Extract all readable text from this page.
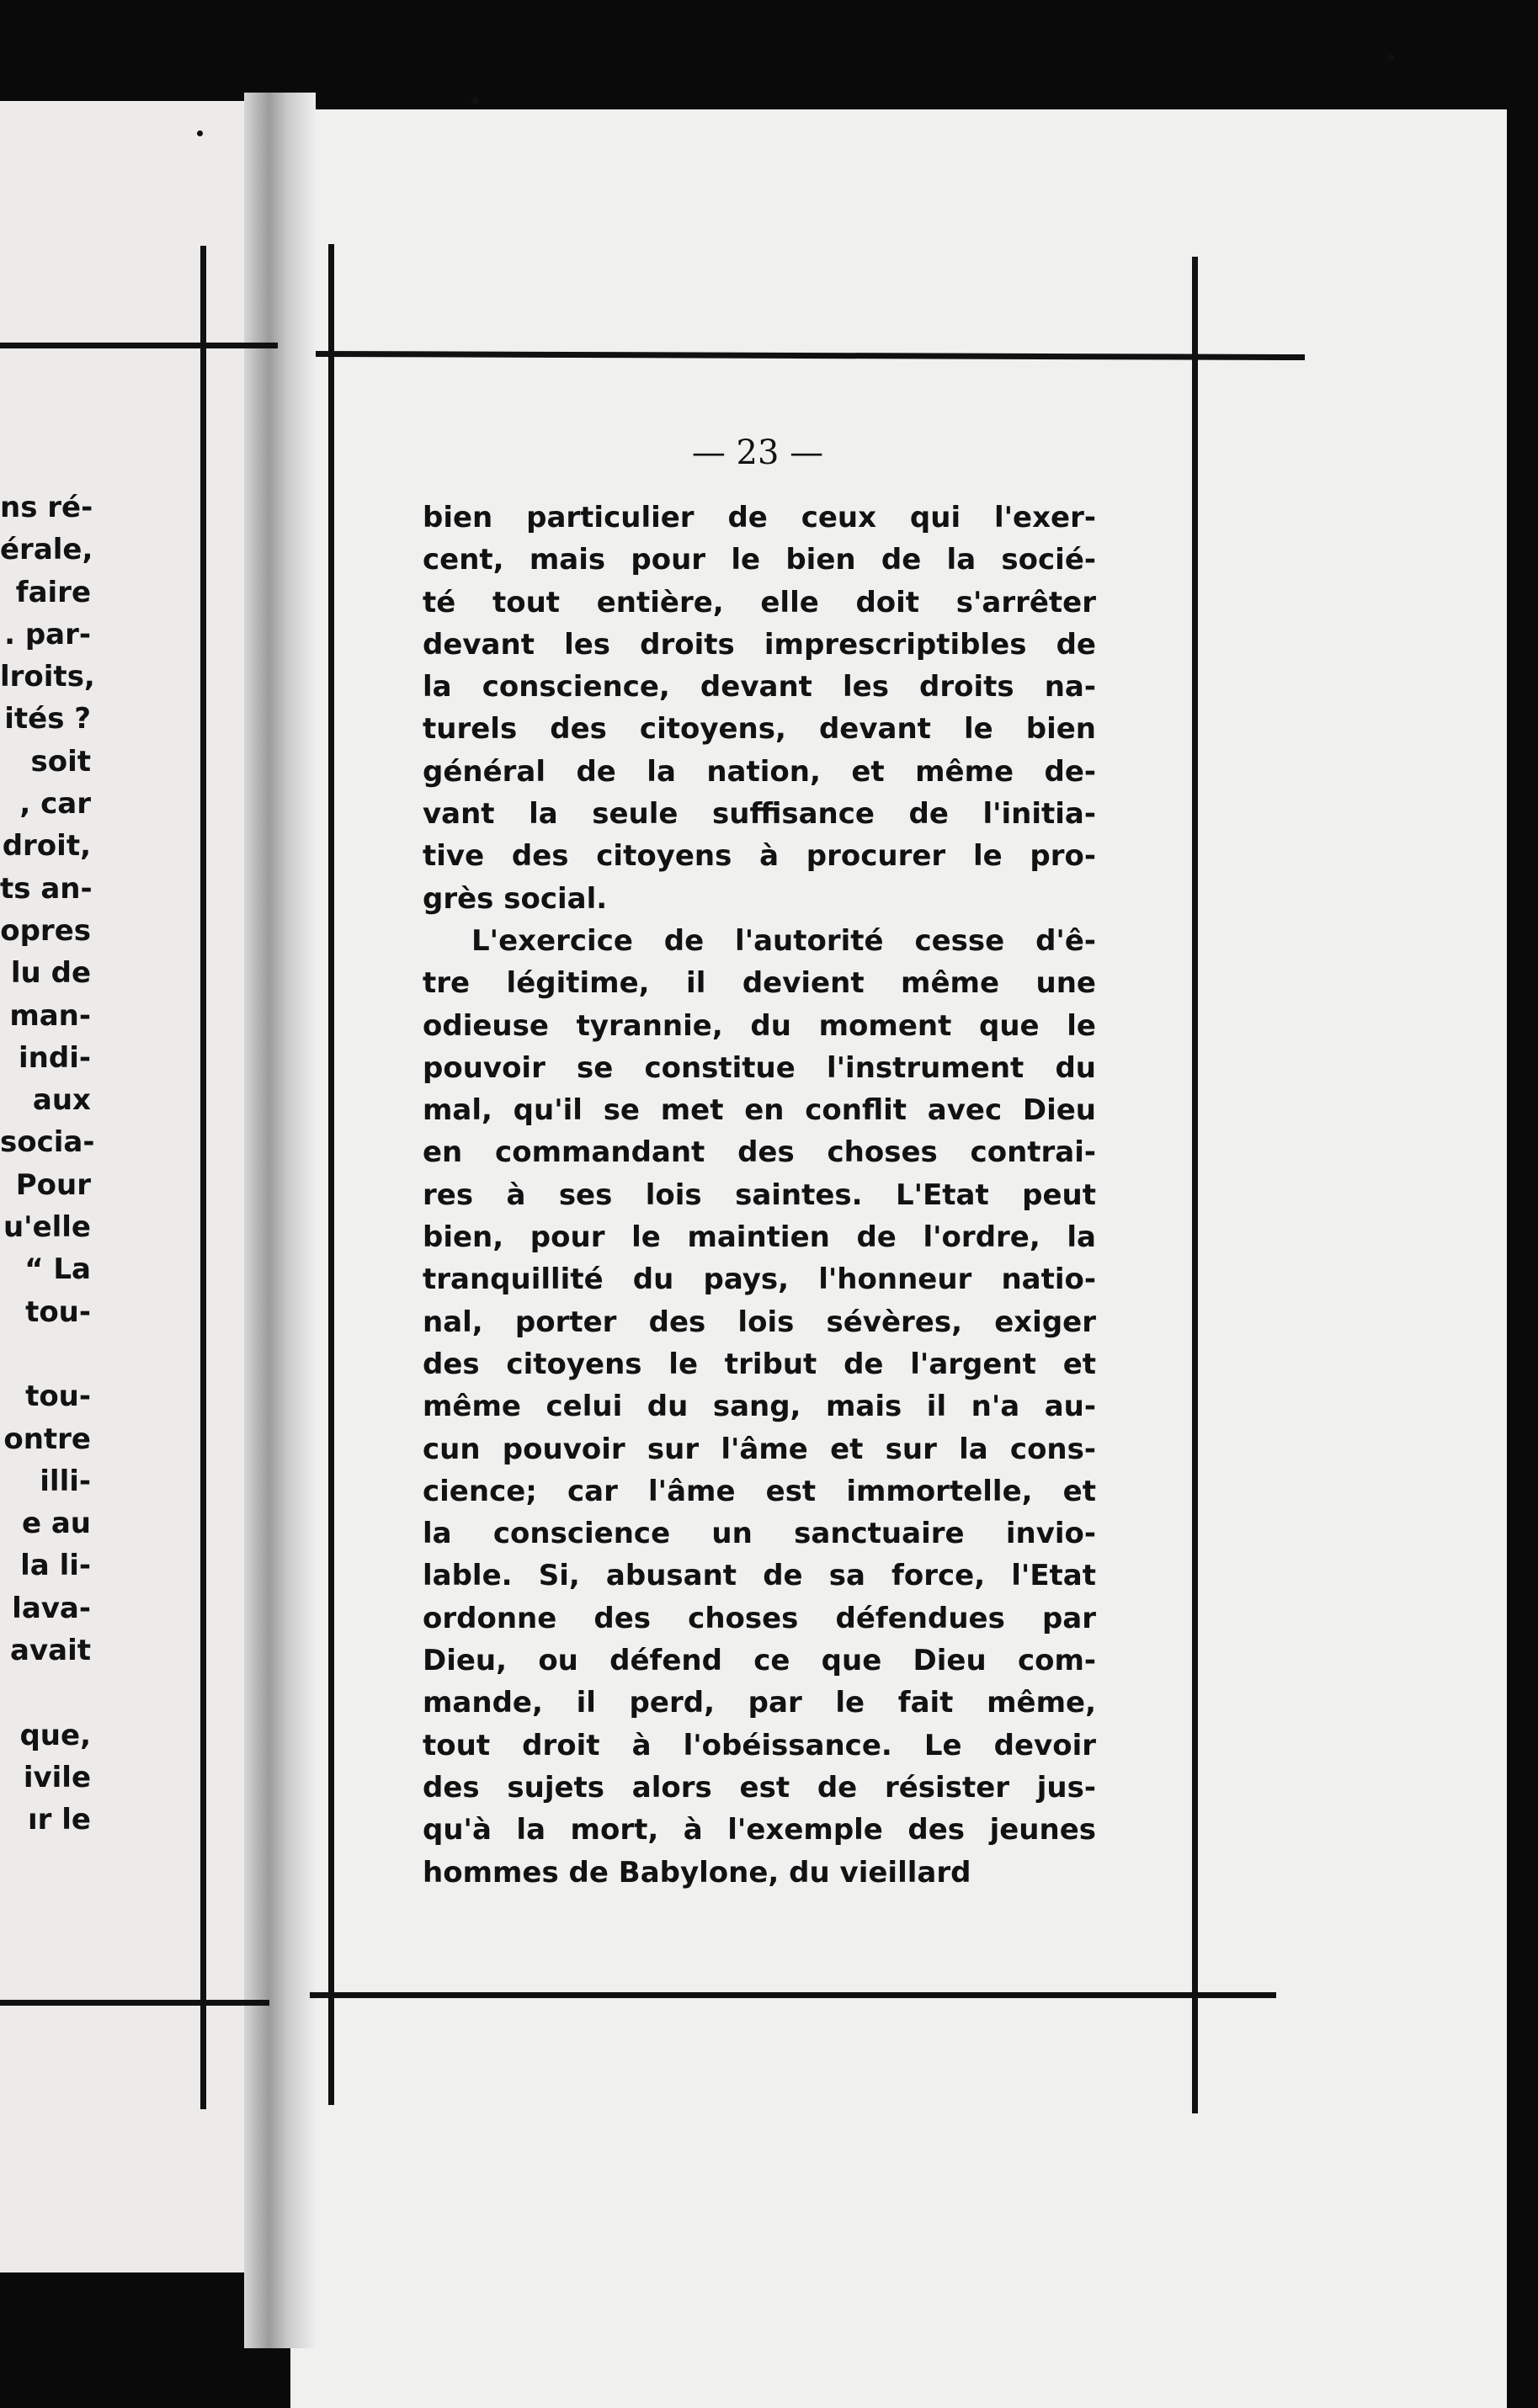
— 23 —
ns ré-
érale,
faire
. par-
lroits,
ités ?
soit
, car
droit,
ts an-
opres
lu de
man-
indi-
aux
socia-
Pour
u'elle
“ La
tou-
tou-
ontre
illi-
e au
la li-
lava-
avait
que,
ivile
ır le
bien particulier de ceux qui l'exer-
cent, mais pour le bien de la socié-
té tout entière, elle doit s'arrêter
devant les droits imprescriptibles de
la conscience, devant les droits na-
turels des citoyens, devant le bien
général de la nation, et même de-
vant la seule suffisance de l'initia-
tive des citoyens à procurer le pro-
grès social.
L'exercice de l'autorité cesse d'ê-
tre légitime, il devient même une
odieuse tyrannie, du moment que le
pouvoir se constitue l'instrument du
mal, qu'il se met en conflit avec Dieu
en commandant des choses contrai-
res à ses lois saintes. L'Etat peut
bien, pour le maintien de l'ordre, la
tranquillité du pays, l'honneur natio-
nal, porter des lois sévères, exiger
des citoyens le tribut de l'argent et
même celui du sang, mais il n'a au-
cun pouvoir sur l'âme et sur la cons-
cience; car l'âme est immortelle, et
la conscience un sanctuaire invio-
lable. Si, abusant de sa force, l'Etat
ordonne des choses défendues par
Dieu, ou défend ce que Dieu com-
mande, il perd, par le fait même,
tout droit à l'obéissance. Le devoir
des sujets alors est de résister jus-
qu'à la mort, à l'exemple des jeunes
hommes de Babylone, du vieillard
